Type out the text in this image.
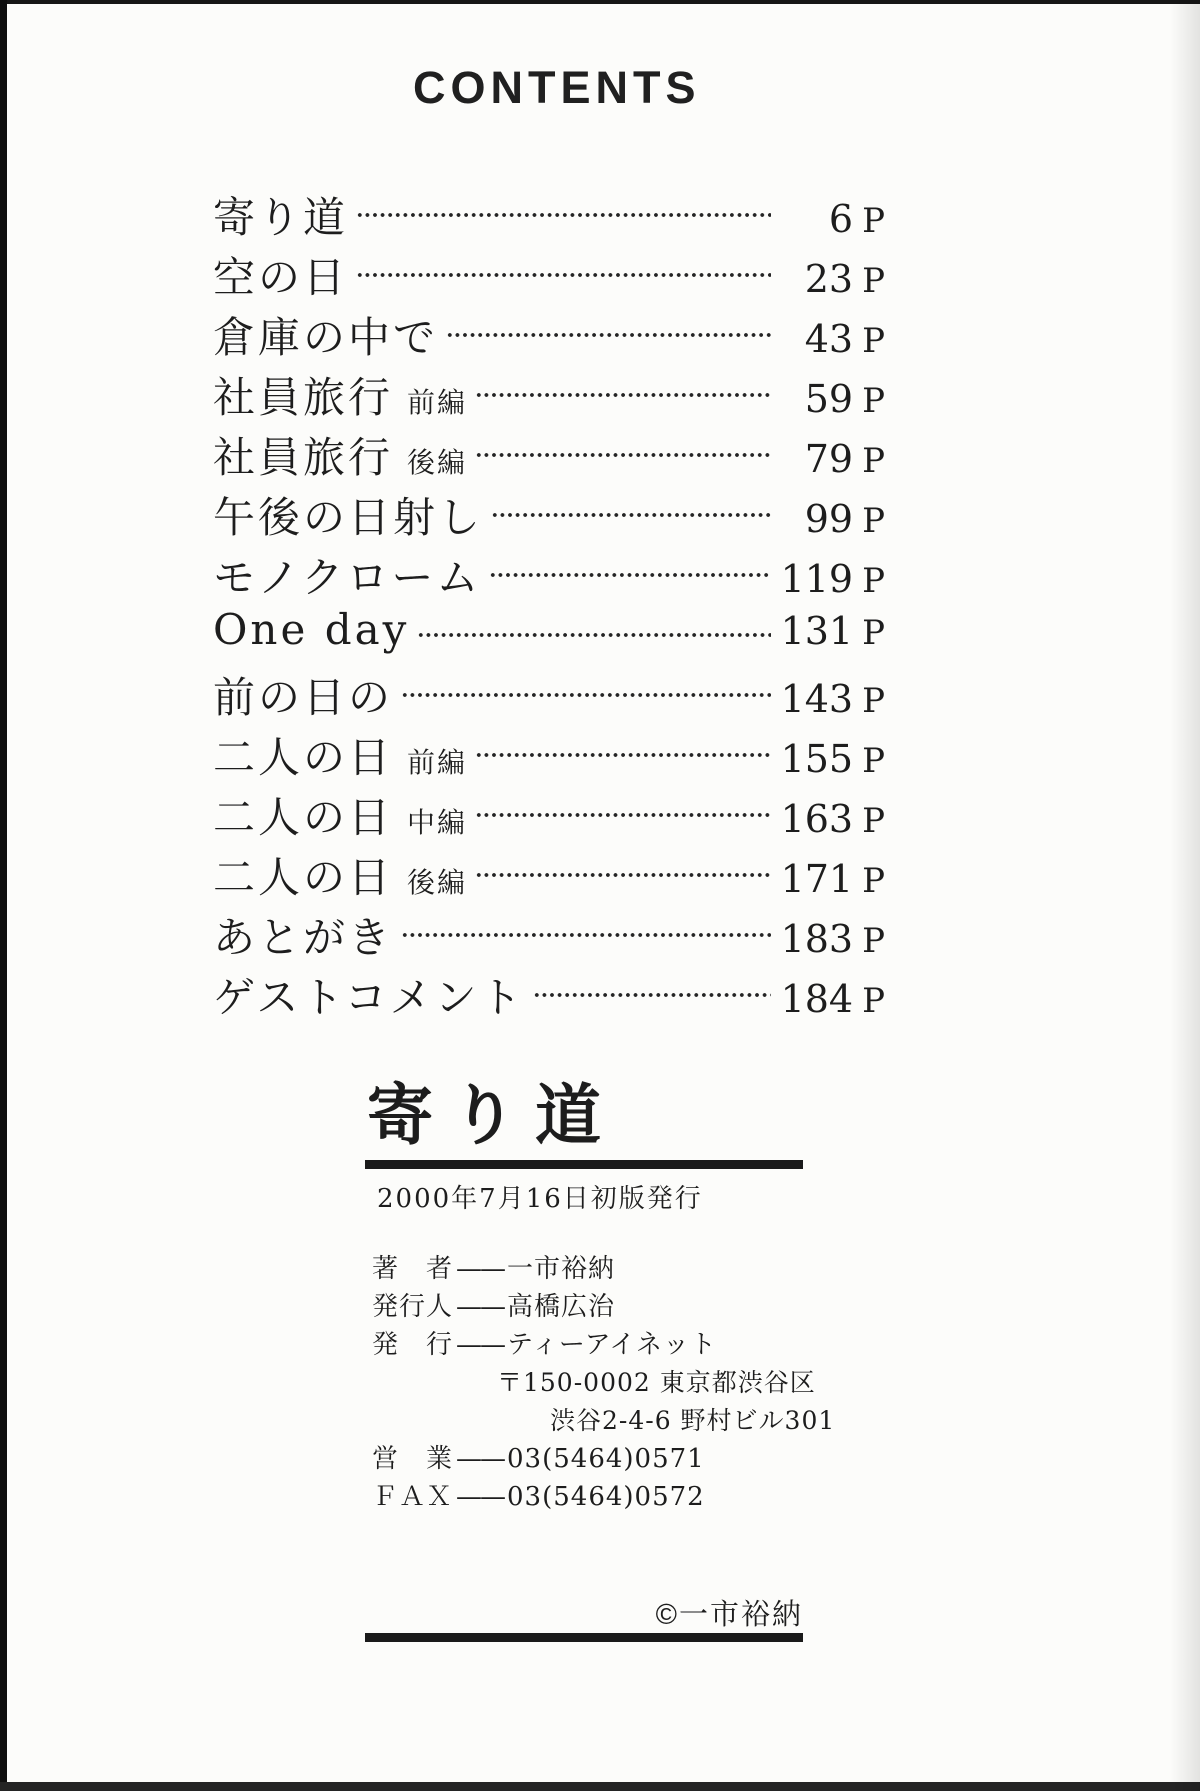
CONTENTS
寄り道	6 P
空の日	23 P
倉庫の中で	43 P
社員旅行 前編	59 P
社員旅行 後編	79 P
午後の日射し	99 P
モノクローム	119 P
One day	131 P
前の日の	143 P
二人の日 前編	155 P
二人の日 中編	163 P
二人の日 後編	171 P
あとがき	183 P
ゲストコメント	184 P
寄り道
2000年7月16日初版発行
著　者 —— 一市裕納
発行人 —— 高橋広治
発　行 —— ティーアイネット
〒150-0002 東京都渋谷区
渋谷2-4-6 野村ビル301
営　業 —— 03(5464)0571
ＦＡＸ —— 03(5464)0572
©一市裕納
